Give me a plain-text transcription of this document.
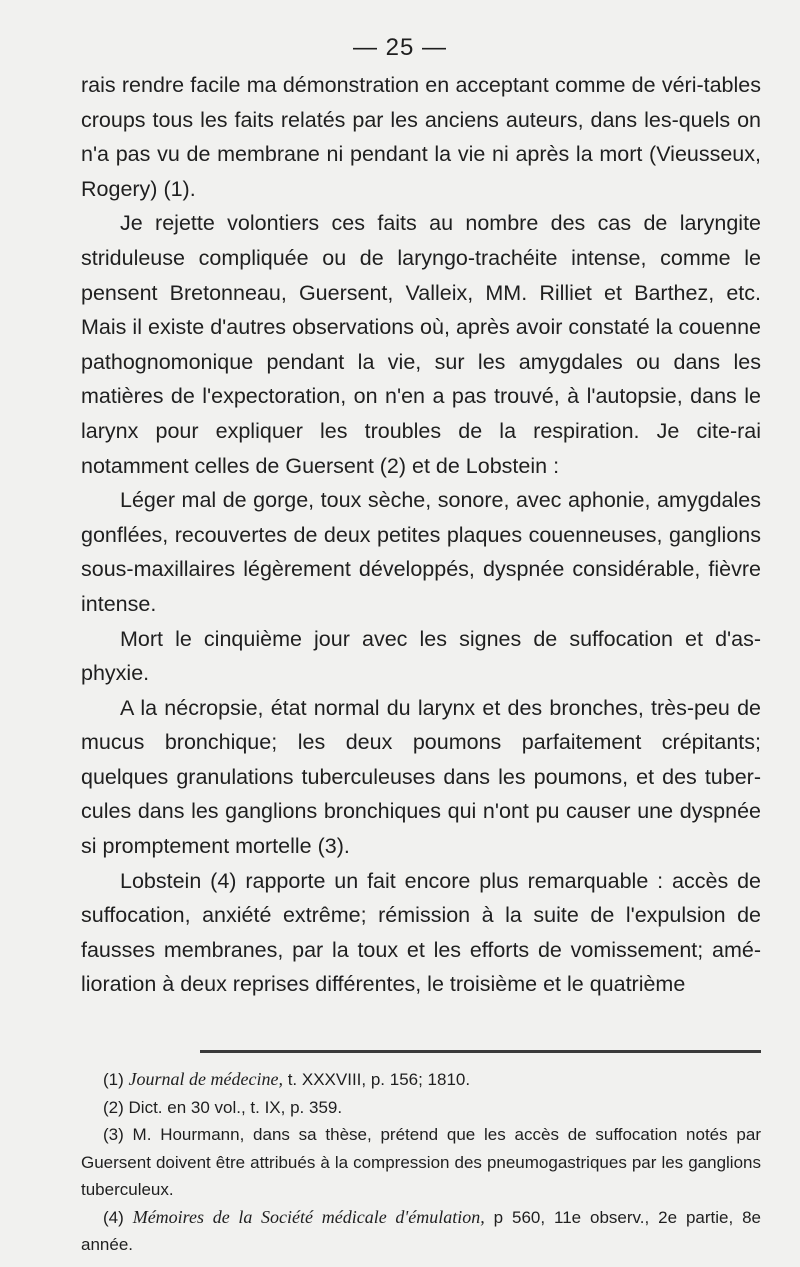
— 25 —

rais rendre facile ma démonstration en acceptant comme de véri-tables croups tous les faits relatés par les anciens auteurs, dans les-quels on n'a pas vu de membrane ni pendant la vie ni après la mort (Vieusseux, Rogery) (1).

Je rejette volontiers ces faits au nombre des cas de laryngite striduleuse compliquée ou de laryngo-trachéite intense, comme le pensent Bretonneau, Guersent, Valleix, MM. Rilliet et Barthez, etc. Mais il existe d'autres observations où, après avoir constaté la couenne pathognomonique pendant la vie, sur les amygdales ou dans les matières de l'expectoration, on n'en a pas trouvé, à l'autopsie, dans le larynx pour expliquer les troubles de la respiration. Je cite-rai notamment celles de Guersent (2) et de Lobstein :

Léger mal de gorge, toux sèche, sonore, avec aphonie, amygdales gonflées, recouvertes de deux petites plaques couenneuses, ganglions sous-maxillaires légèrement développés, dyspnée considérable, fièvre intense.

Mort le cinquième jour avec les signes de suffocation et d'as-phyxie.

A la nécropsie, état normal du larynx et des bronches, très-peu de mucus bronchique; les deux poumons parfaitement crépitants; quelques granulations tuberculeuses dans les poumons, et des tuber-cules dans les ganglions bronchiques qui n'ont pu causer une dyspnée si promptement mortelle (3).

Lobstein (4) rapporte un fait encore plus remarquable : accès de suffocation, anxiété extrême; rémission à la suite de l'expulsion de fausses membranes, par la toux et les efforts de vomissement; amé-lioration à deux reprises différentes, le troisième et le quatrième

(1) Journal de médecine, t. XXXVIII, p. 156; 1810.

(2) Dict. en 30 vol., t. IX, p. 359.

(3) M. Hourmann, dans sa thèse, prétend que les accès de suffocation notés par Guersent doivent être attribués à la compression des pneumogastriques par les ganglions tuberculeux.

(4) Mémoires de la Société médicale d'émulation, p 560, 11e observ., 2e partie, 8e année.
